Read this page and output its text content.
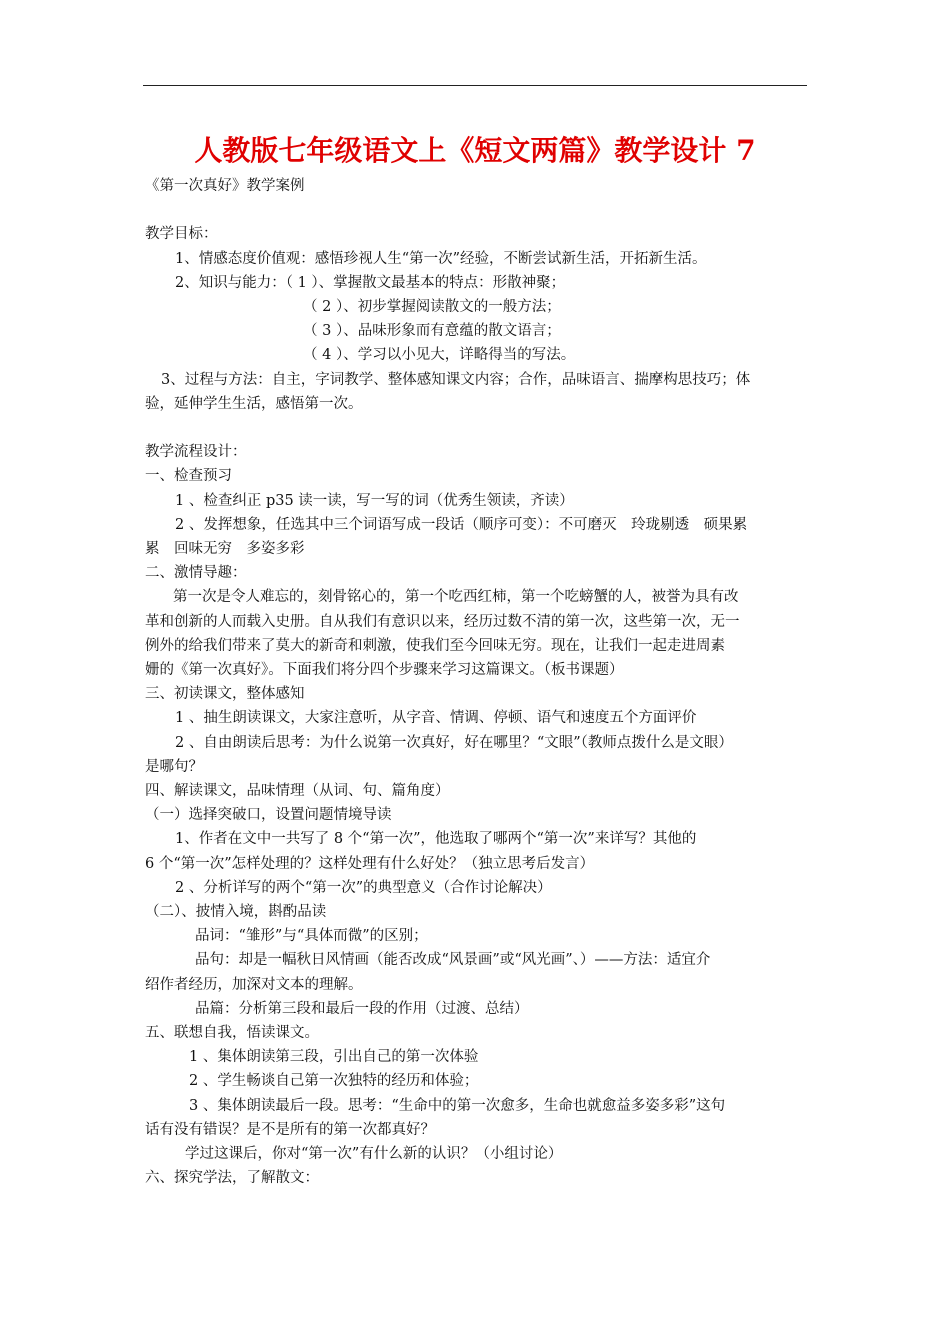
人教版七年级语文上《短文两篇》教学设计 7
《第一次真好》教学案例
教学目标：
1、情感态度价值观：感悟珍视人生“第一次”经验，不断尝试新生活，开拓新生活。
2、知识与能力：（ 1 ）、掌握散文最基本的特点：形散神聚；
（ 2 ）、初步掌握阅读散文的一般方法；
（ 3 ）、品味形象而有意蕴的散文语言；
（ 4 ）、学习以小见大，详略得当的写法。
3、过程与方法：自主，字词教学、整体感知课文内容；合作，品味语言、揣摩构思技巧；体
验，延伸学生生活，感悟第一次。
教学流程设计：
一、检查预习
1 、检查纠正 p35 读一读，写一写的词（优秀生领读，齐读）
2 、发挥想象，任选其中三个词语写成一段话（顺序可变）：不可磨灭　玲珑剔透　硕果累
累　回味无穷　多姿多彩
二、激情导趣：
第一次是令人难忘的，刻骨铭心的，第一个吃西红柿，第一个吃螃蟹的人，被誉为具有改
革和创新的人而载入史册。自从我们有意识以来，经历过数不清的第一次，这些第一次，无一
例外的给我们带来了莫大的新奇和刺激，使我们至今回味无穷。现在，让我们一起走进周素
姗的《第一次真好》。下面我们将分四个步骤来学习这篇课文。（板书课题）
三、初读课文，整体感知
1 、抽生朗读课文，大家注意听，从字音、情调、停顿、语气和速度五个方面评价
2 、自由朗读后思考：为什么说第一次真好，好在哪里？“文眼”（教师点拨什么是文眼）
是哪句？
四、解读课文，品味情理（从词、句、篇角度）
（一）选择突破口，设置问题情境导读
1、作者在文中一共写了 8 个“第一次”，他选取了哪两个“第一次”来详写？其他的
6 个“第一次”怎样处理的？这样处理有什么好处？（独立思考后发言）
2 、分析详写的两个“第一次”的典型意义（合作讨论解决）
（二）、披情入境，斟酌品读
品词：“雏形”与“具体而微”的区别；
品句：却是一幅秋日风情画（能否改成“风景画”或“风光画”、）——方法：适宜介
绍作者经历，加深对文本的理解。
品篇：分析第三段和最后一段的作用（过渡、总结）
五、联想自我，悟读课文。
1 、集体朗读第三段，引出自己的第一次体验
2 、学生畅谈自己第一次独特的经历和体验；
3 、集体朗读最后一段。思考：“生命中的第一次愈多，生命也就愈益多姿多彩”这句
话有没有错误？是不是所有的第一次都真好？
学过这课后，你对“第一次”有什么新的认识？（小组讨论）
六、探究学法，了解散文：
